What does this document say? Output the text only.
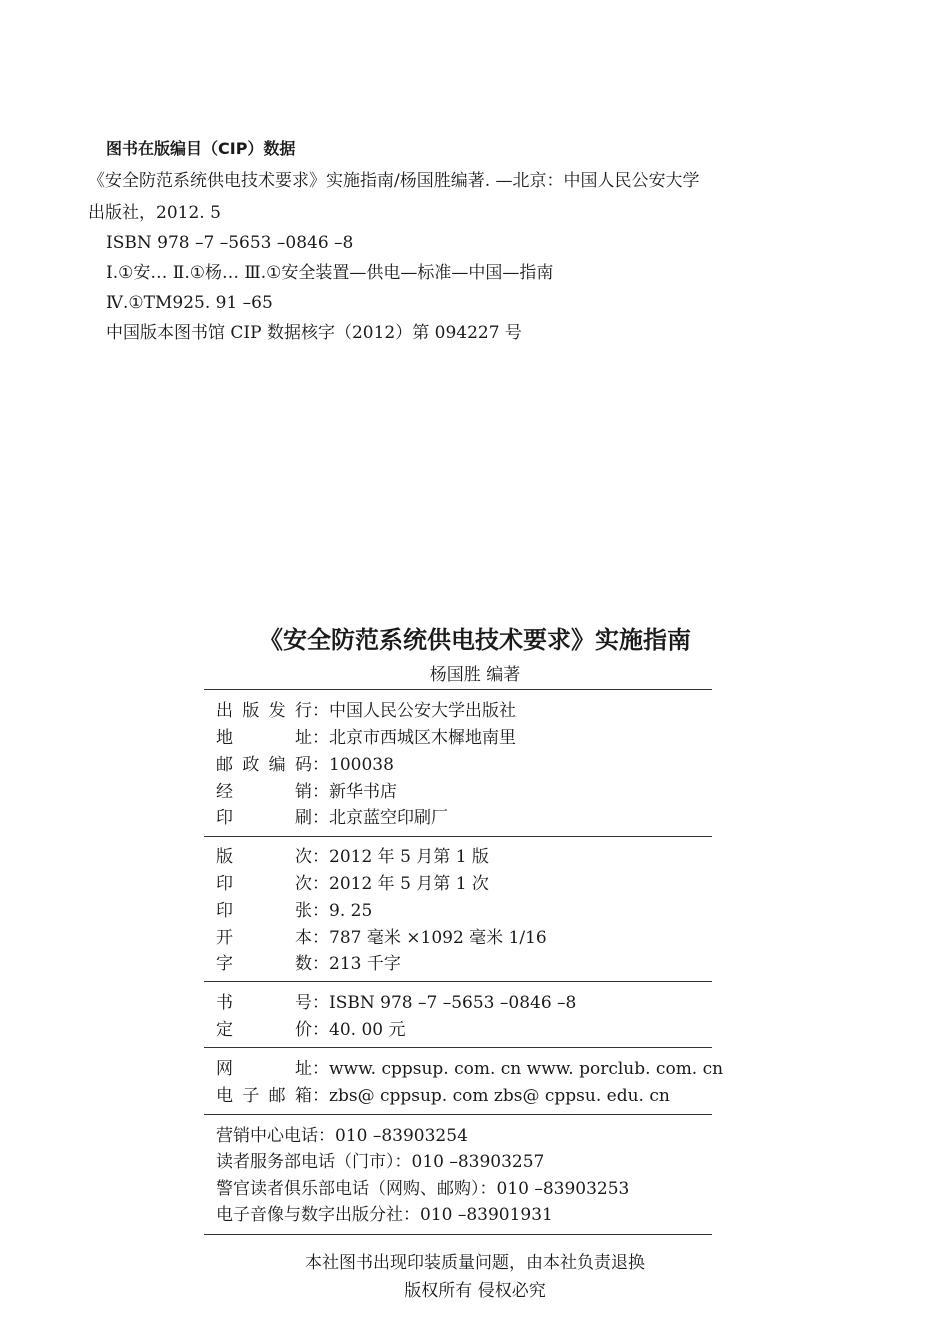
图书在版编目（CIP）数据
《安全防范系统供电技术要求》实施指南/杨国胜编著. —北京：中国人民公安大学
出版社，2012. 5
ISBN 978 –7 –5653 –0846 –8
Ⅰ.①安… Ⅱ.①杨… Ⅲ.①安全装置—供电—标准—中国—指南
Ⅳ.①TM925. 91 –65
中国版本图书馆 CIP 数据核字（2012）第 094227 号
《安全防范系统供电技术要求》实施指南
杨国胜 编著
出版发行：中国人民公安大学出版社
地址：北京市西城区木樨地南里
邮政编码：100038
经销：新华书店
印刷：北京蓝空印刷厂
版次：2012 年 5 月第 1 版
印次：2012 年 5 月第 1 次
印张：9. 25
开本：787 毫米 ×1092 毫米 1/16
字数：213 千字
书号：ISBN 978 –7 –5653 –0846 –8
定价：40. 00 元
网址：www. cppsup. com. cn www. porclub. com. cn
电子邮箱：zbs@ cppsup. com zbs@ cppsu. edu. cn
营销中心电话：010 –83903254
读者服务部电话（门市）：010 –83903257
警官读者俱乐部电话（网购、邮购）：010 –83903253
电子音像与数字出版分社：010 –83901931
本社图书出现印装质量问题，由本社负责退换
版权所有 侵权必究
